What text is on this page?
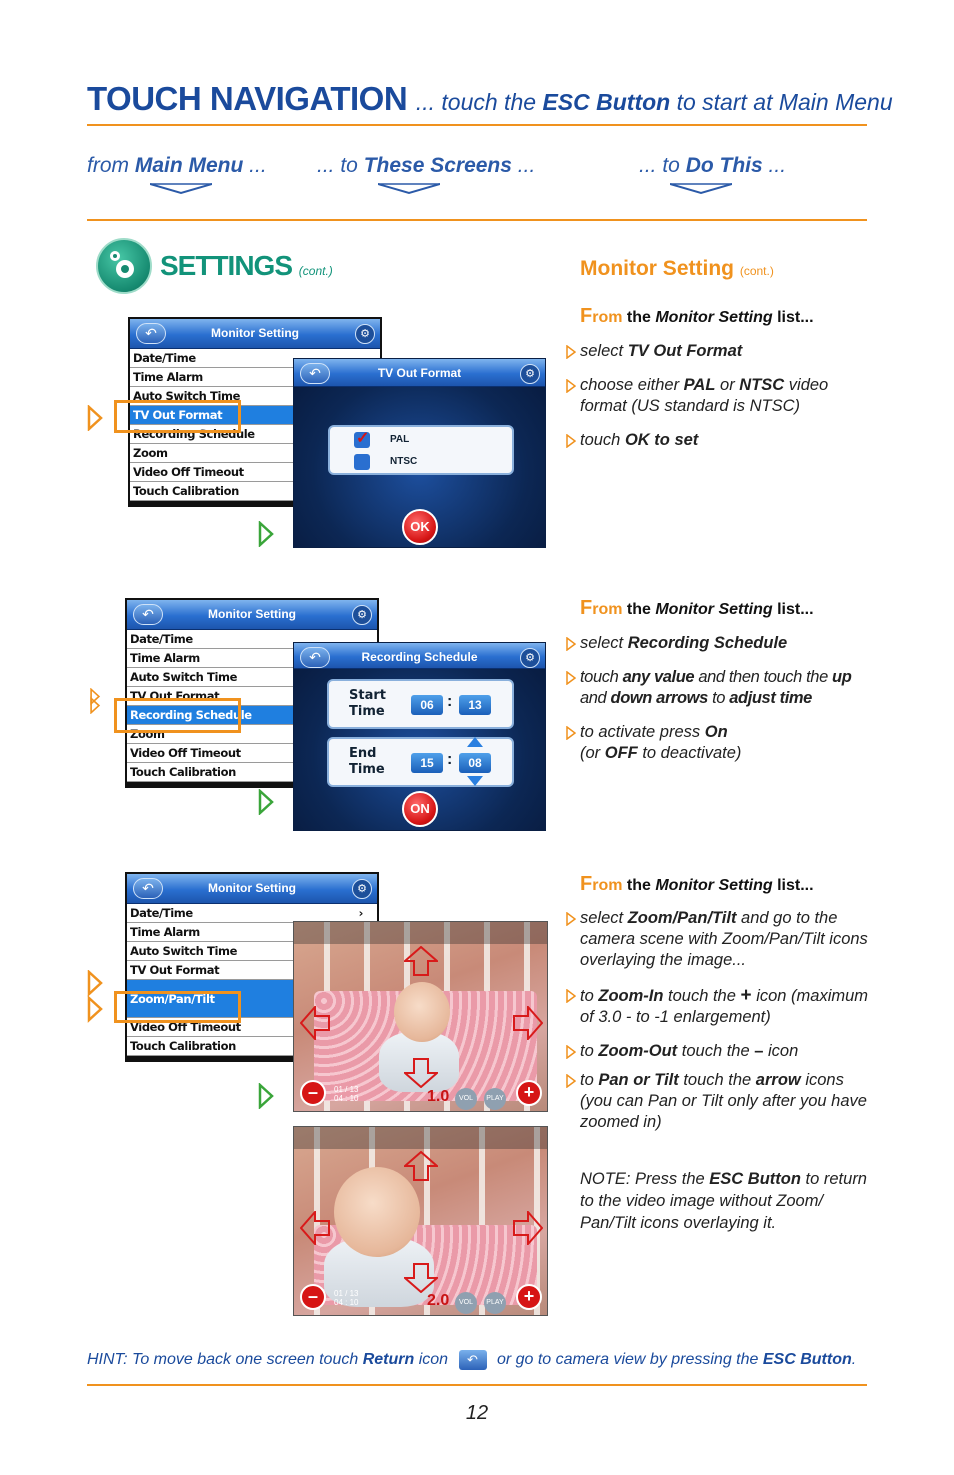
TOUCH NAVIGATION ... touch the ESC Button to start at Main Menu
from Main Menu ... ... to These Screens ...	... to Do This ...
SETTINGS (cont.)	Monitor Setting (cont.)
From the Monitor Setting list...
select TV Out Format
choose either PAL or NTSC video format (US standard is NTSC)
touch OK to set
↶	Monitor Setting	⚙
Date/Time
Time Alarm
Auto Switch Time
TV Out Format
Recording Schedule
Zoom
Video Off Timeout
Touch Calibration
↶	TV Out Format	⚙
✓ PAL
NTSC
OK
From the Monitor Setting list...
select Recording Schedule
touch any value and then touch the up and down arrows to adjust time
to activate press On
(or OFF to deactivate)
↶	Monitor Setting	⚙
Date/Time
Time Alarm
Auto Switch Time
TV Out Format
Recording Schedule
Zoom
Video Off Timeout
Touch Calibration
↶	Recording Schedule	⚙
Start
Time	06 :	13
End
Time	15 :	08
ON
From the Monitor Setting list...
select Zoom/Pan/Tilt and go to the camera scene with Zoom/Pan/Tilt icons overlaying the image...
to Zoom-In touch the + icon (maximum of 3.0 - to -1 enlargement)
to Zoom-Out touch the – icon
to Pan or Tilt touch the arrow icons (you can Pan or Tilt only after you have zoomed in)
NOTE: Press the ESC Button to return to the video image without Zoom/ Pan/Tilt icons overlaying it.
↶	Monitor Setting	⚙
Date/Time	›
Time Alarm
Auto Switch Time
TV Out Format
Zoom/Pan/Tilt
Video Off Timeout
Touch Calibration
–	01 / 13
04 : 10	1.0	VOL	PLAY	+
–	01 / 13
04 : 10	2.0	VOL	PLAY	+
HINT: To move back one screen touch Return icon ↶ or go to camera view by pressing the ESC Button.
12
